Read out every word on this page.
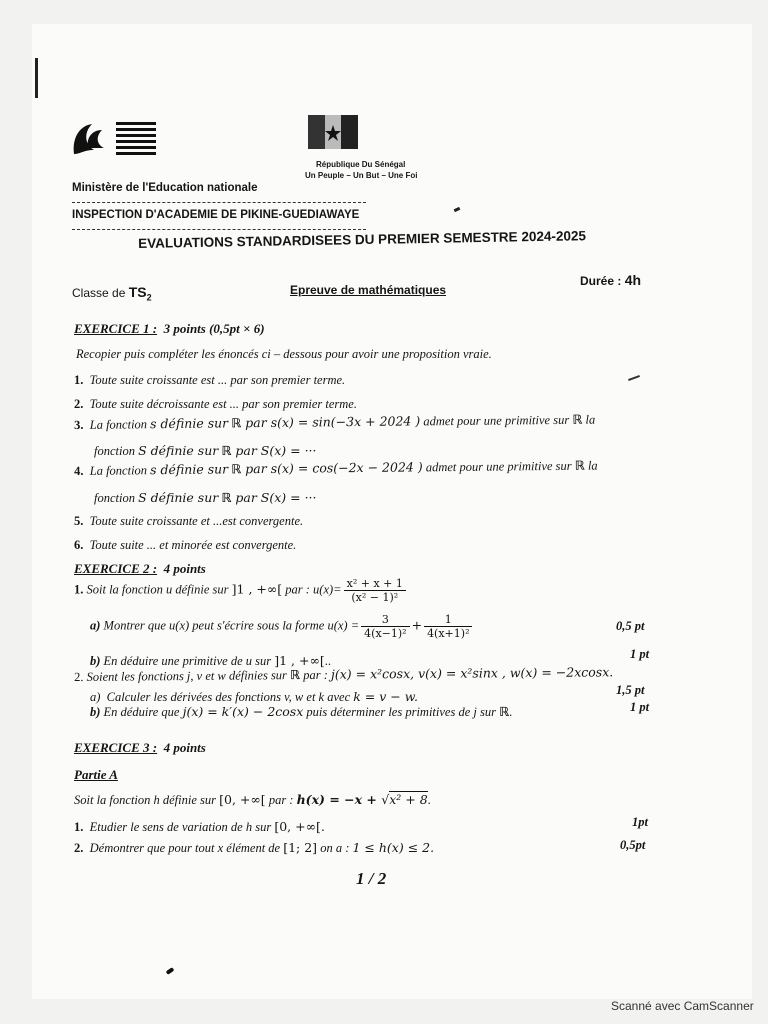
République Du Sénégal
Un Peuple – Un But – Une Foi
Ministère de l'Education nationale
INSPECTION D'ACADEMIE DE PIKINE-GUEDIAWAYE
EVALUATIONS STANDARDISEES DU PREMIER SEMESTRE 2024-2025
Classe de $TS_2$
Epreuve de mathématiques
Durée : 4h
EXERCICE 1 : 3 points (0,5pt × 6)
Recopier puis compléter les énoncés ci – dessous pour avoir une proposition vraie.
1. Toute suite croissante est ... par son premier terme.
2. Toute suite décroissante est ... par son premier terme.
3. La fonction s définie sur ℝ par s(x) = sin(−3x + 2024 ) admet pour une primitive sur ℝ la
fonction S définie sur ℝ par S(x) = ···
4. La fonction s définie sur ℝ par s(x) = cos(−2x − 2024 ) admet pour une primitive sur ℝ la
fonction S définie sur ℝ par S(x) = ···
5. Toute suite croissante et ...est convergente.
6. Toute suite ... et minorée est convergente.
EXERCICE 2 : 4 points
1. Soit la fonction u définie sur ]1 , +∞[ par : $u(x)= \frac{\text{x² + x + 1}}{\text{(x² − 1)²}}$
a) Montrer que u(x) peut s'écrire sous la forme $u(x) = \frac{3}{\text{4(x−1)²}} + \frac{1}{\text{4(x+1)²}}$	0,5 pt
b) En déduire une primitive de u sur ]1 , +∞[..	1 pt
2. Soient les fonctions j, v et w définies sur ℝ par : j(x) = x²cosx, v(x) = x²sinx , w(x) = −2xcosx.
a) Calculer les dérivées des fonctions v, w et k avec k = v − w.	1,5 pt
b) En déduire que j(x) = k′(x) − 2cosx puis déterminer les primitives de j sur ℝ.	1 pt
EXERCICE 3 : 4 points
Partie A
Soit la fonction h définie sur [0, +∞[ par : h(x) = −x + √x² + 8.
1. Etudier le sens de variation de h sur [0, +∞[.	1pt
2. Démontrer que pour tout x élément de [1; 2] on a : 1 ≤ h(x) ≤ 2.	0,5pt
1 / 2
Scanné avec CamScanner
